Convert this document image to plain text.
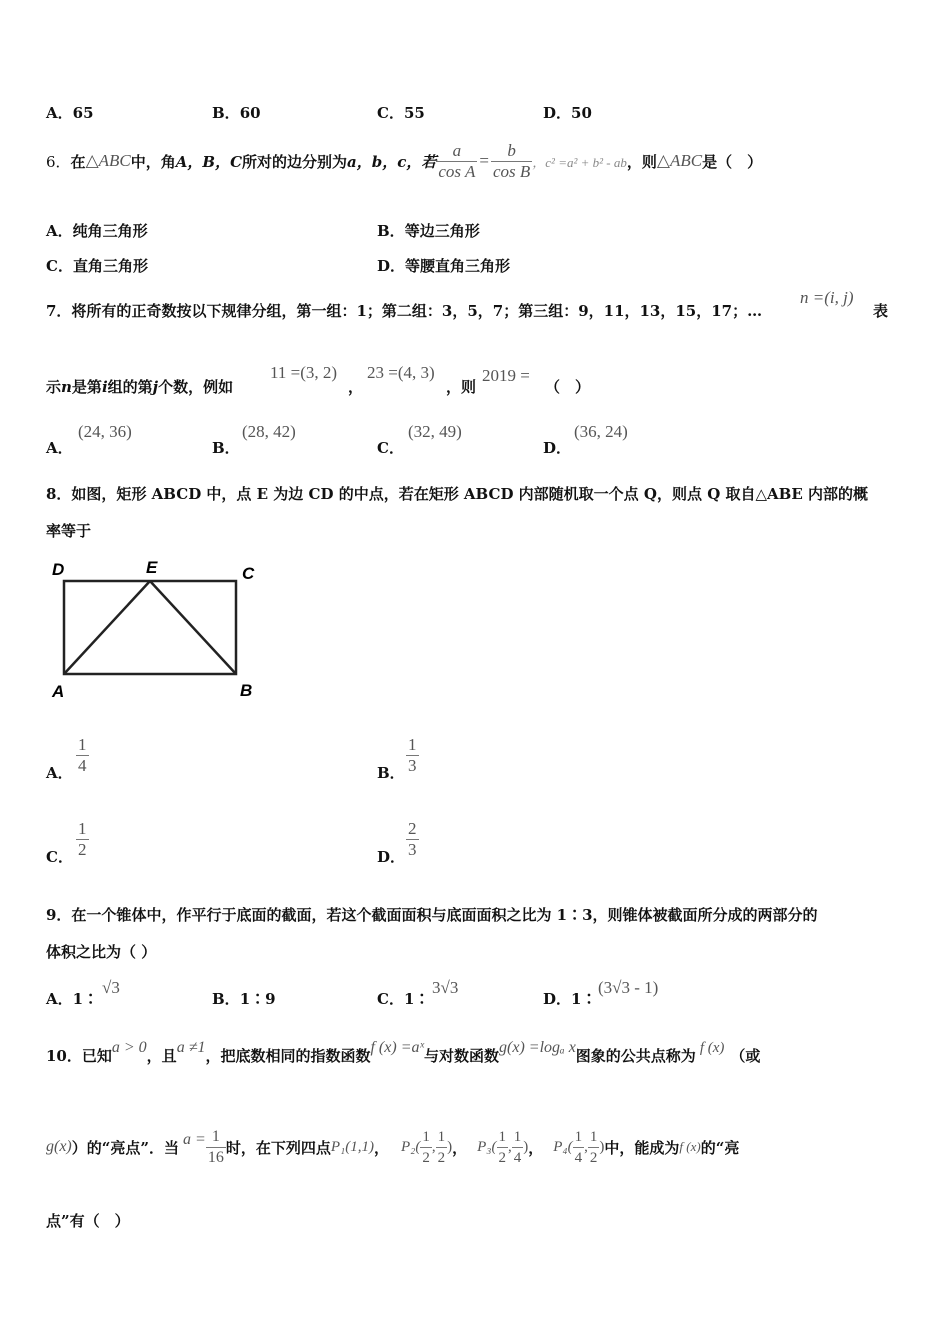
A．65	B．60	C．55	D．50
6． 在 △ABC 中，角 A，B，C 所对的边分别为 a，b，c，若 $\frac{a}{\text{cos A}} = \frac{b}{\text{cos B}}$ ，c² =a² + b² - ab ，则 △ABC 是（　）
A．纯角三角形	B．等边三角形
C．直角三角形	D．等腰直角三角形
7．将所有的正奇数按以下规律分组，第一组：1；第二组：3，5，7；第三组：9，11，13，15，17；…
n =(i, j)
表
示n是第i组的第j个数，例如
11 =(3, 2)
，
23 =(4, 3)
，则
2019 =
（　）
A．
(24, 36)
B．
(28, 42)
C．
(32, 49)
D．
(36, 24)
8．如图，矩形 ABCD 中，点 E 为边 CD 的中点，若在矩形 ABCD 内部随机取一个点 Q，则点 Q 取自△ABE 内部的概
率等于
D	E	C
A	B
A． $\frac{1}{4}$	B． $\frac{1}{3}$
C． $\frac{1}{2}$	D． $\frac{2}{3}$
9．在一个锥体中，作平行于底面的截面，若这个截面面积与底面面积之比为 1∶3，则锥体被截面所分成的两部分的
体积之比为（ ）
A．1∶
√3
B．1∶9	C．1∶
3√3
D．1∶
(3√3 - 1)
10．已知 a > 0 ，且 a ≠1 ，把底数相同的指数函数 f (x) =aˣ 与对数函数 g(x) =logₐ x 图象的公共点称为 f (x) （或
g(x) ）的“亮点”．当 $a = \frac{1}{16}$ 时，在下列四点 P₁(1,1) ， $P_2( \frac{1}{2}$ , $\frac{1}{2}$ ) ， $P_3( \frac{1}{2}$ , $\frac{1}{4}$ ) ， $P_4( \frac{1}{4}$ , $\frac{1}{2}$ ) 中，能成为 f (x) 的“亮
点”有（　）
